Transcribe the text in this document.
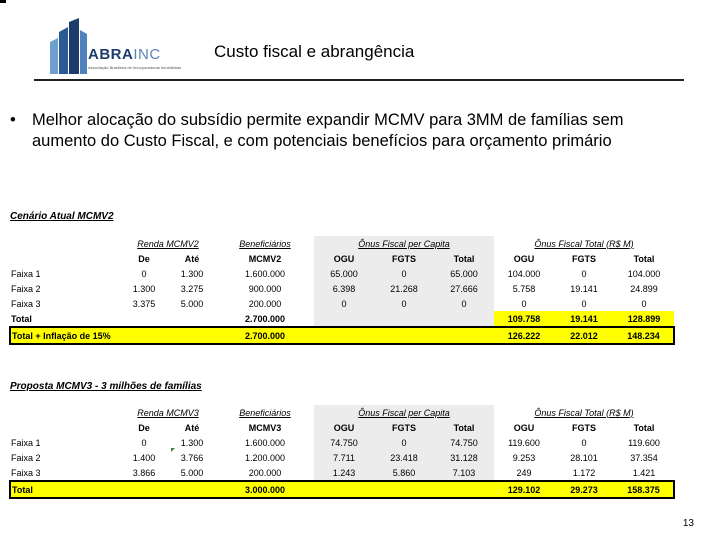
ABRAINC
Associação Brasileira de Incorporadoras Imobiliárias
Custo fiscal e abrangência
• Melhor alocação do subsídio permite expandir MCMV para 3MM de famílias sem aumento do Custo Fiscal, e com potenciais benefícios para orçamento primário
Cenário Atual MCMV2
	Renda MCMV2		Beneficiários	Ônus Fiscal per Capita			Ônus Fiscal Total (R$ M)		
	De	Até	MCMV2	OGU	FGTS	Total	OGU	FGTS	Total
Faixa 1	0	1.300	1.600.000	65.000	0	65.000	104.000	0	104.000
Faixa 2	1.300	3.275	900.000	6.398	21.268	27.666	5.758	19.141	24.899
Faixa 3	3.375	5.000	200.000	0	0	0	0	0	0
Total			2.700.000				109.758	19.141	128.899
Total + Inflação de 15%			2.700.000				126.222	22.012	148.234
Proposta MCMV3 - 3 milhões de famílias
	Renda MCMV3		Beneficiários	Ônus Fiscal per Capita			Ônus Fiscal Total (R$ M)		
	De	Até	MCMV3	OGU	FGTS	Total	OGU	FGTS	Total
Faixa 1	0	1.300	1.600.000	74.750	0	74.750	119.600	0	119.600
Faixa 2	1.400	3.766	1.200.000	7.711	23.418	31.128	9.253	28.101	37.354
Faixa 3	3.866	5.000	200.000	1.243	5.860	7.103	249	1.172	1.421
Total			3.000.000				129.102	29.273	158.375
13
